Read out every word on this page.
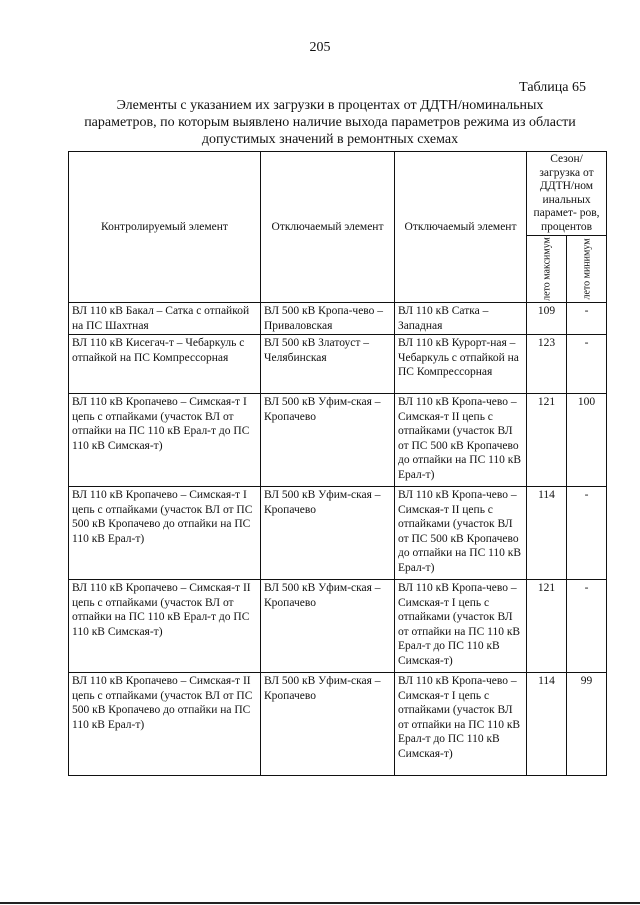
205
Таблица 65
Элементы с указанием их загрузки в процентах от ДДТН/номинальных параметров, по которым выявлено наличие выхода параметров режима из области допустимых значений в ремонтных схемах
Контролируемый элемент	Отключаемый элемент	Отключаемый элемент	Сезон/ загрузка от ДДТН/ном инальных парамет- ров, процентов	

			лето максимум	лето минимум

ВЛ 110 кВ Бакал – Сатка с отпайкой на ПС Шахтная	ВЛ 500 кВ Кропа-чево – Приваловская	ВЛ 110 кВ Сатка – Западная	109	-
ВЛ 110 кВ Кисегач-т – Чебаркуль с отпайкой на ПС Компрессорная	ВЛ 500 кВ Златоуст – Челябинская	ВЛ 110 кВ Курорт-ная – Чебаркуль с отпайкой на ПС Компрессорная	123	-
ВЛ 110 кВ Кропачево – Симская-т I цепь с отпайками (участок ВЛ от отпайки на ПС 110 кВ Ерал-т до ПС 110 кВ Симская-т)	ВЛ 500 кВ Уфим-ская – Кропачево	ВЛ 110 кВ Кропа-чево – Симская-т II цепь с отпайками (участок ВЛ от ПС 500 кВ Кропачево до отпайки на ПС 110 кВ Ерал-т)	121	100
ВЛ 110 кВ Кропачево – Симская-т I цепь с отпайками (участок ВЛ от ПС 500 кВ Кропачево до отпайки на ПС 110 кВ Ерал-т)	ВЛ 500 кВ Уфим-ская – Кропачево	ВЛ 110 кВ Кропа-чево – Симская-т II цепь с отпайками (участок ВЛ от ПС 500 кВ Кропачево до отпайки на ПС 110 кВ Ерал-т)	114	-
ВЛ 110 кВ Кропачево – Симская-т II цепь с отпайками (участок ВЛ от отпайки на ПС 110 кВ Ерал-т до ПС 110 кВ Симская-т)	ВЛ 500 кВ Уфим-ская – Кропачево	ВЛ 110 кВ Кропа-чево – Симская-т I цепь с отпайками (участок ВЛ от отпайки на ПС 110 кВ Ерал-т до ПС 110 кВ Симская-т)	121	-
ВЛ 110 кВ Кропачево – Симская-т II цепь с отпайками (участок ВЛ от ПС 500 кВ Кропачево до отпайки на ПС 110 кВ Ерал-т)	ВЛ 500 кВ Уфим-ская – Кропачево	ВЛ 110 кВ Кропа-чево – Симская-т I цепь с отпайками (участок ВЛ от отпайки на ПС 110 кВ Ерал-т до ПС 110 кВ Симская-т)	114	99
